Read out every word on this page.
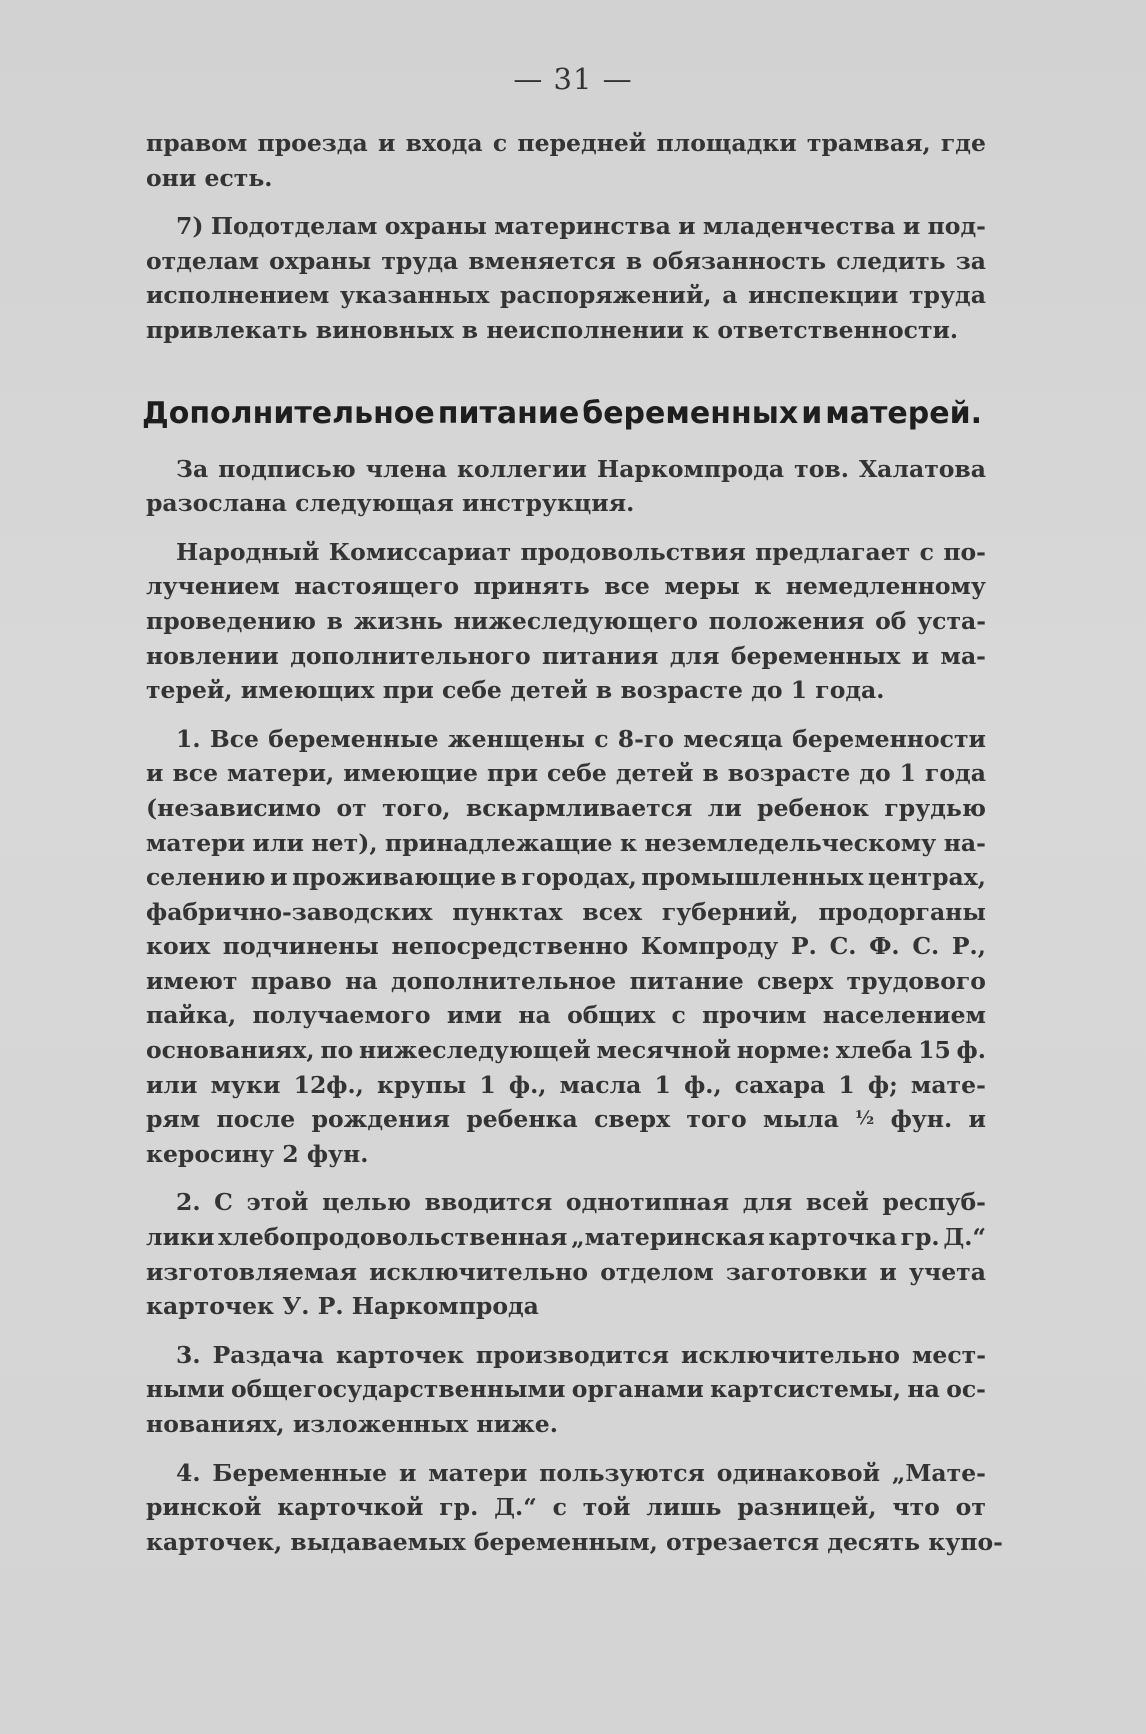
— 31 —
правом проезда и входа с передней площадки трамвая, где
они есть.
7) Подотделам охраны материнства и младенчества и под-
отделам охраны труда вменяется в обязанность следить за
исполнением указанных распоряжений, а инспекции труда
привлекать виновных в неисполнении к ответственности.
Дополнительное питание беременных и матерей.
За подписью члена коллегии Наркомпрода тов. Халатова
разослана следующая инструкция.
Народный Комиссариат продовольствия предлагает с по-
лучением настоящего принять все меры к немедленному
проведению в жизнь нижеследующего положения об уста-
новлении дополнительного питания для беременных и ма-
терей, имеющих при себе детей в возрасте до 1 года.
1. Все беременные женщены с 8-го месяца беременности
и все матери, имеющие при себе детей в возрасте до 1 года
(независимо от того, вскармливается ли ребенок грудью
матери или нет), принадлежащие к неземледельческому на-
селению и проживающие в городах, промышленных центрах,
фабрично-заводских пунктах всех губерний, продорганы
коих подчинены непосредственно Компроду Р. С. Ф. С. Р.,
имеют право на дополнительное питание сверх трудового
пайка, получаемого ими на общих с прочим населением
основаниях, по нижеследующей месячной норме: хлеба 15 ф.
или муки 12ф., крупы 1 ф., масла 1 ф., сахара 1 ф; мате-
рям после рождения ребенка сверх того мыла ½ фун. и
керосину 2 фун.
2. С этой целью вводится однотипная для всей респуб-
лики хлебопродовольственная „материнская карточка гр. Д.“
изготовляемая исключительно отделом заготовки и учета
карточек У. Р. Наркомпрода
3. Раздача карточек производится исключительно мест-
ными общегосударственными органами картсистемы, на ос-
нованиях, изложенных ниже.
4. Беременные и матери пользуются одинаковой „Мате-
ринской карточкой гр. Д.“ с той лишь разницей, что от
карточек, выдаваемых беременным, отрезается десять купо-
